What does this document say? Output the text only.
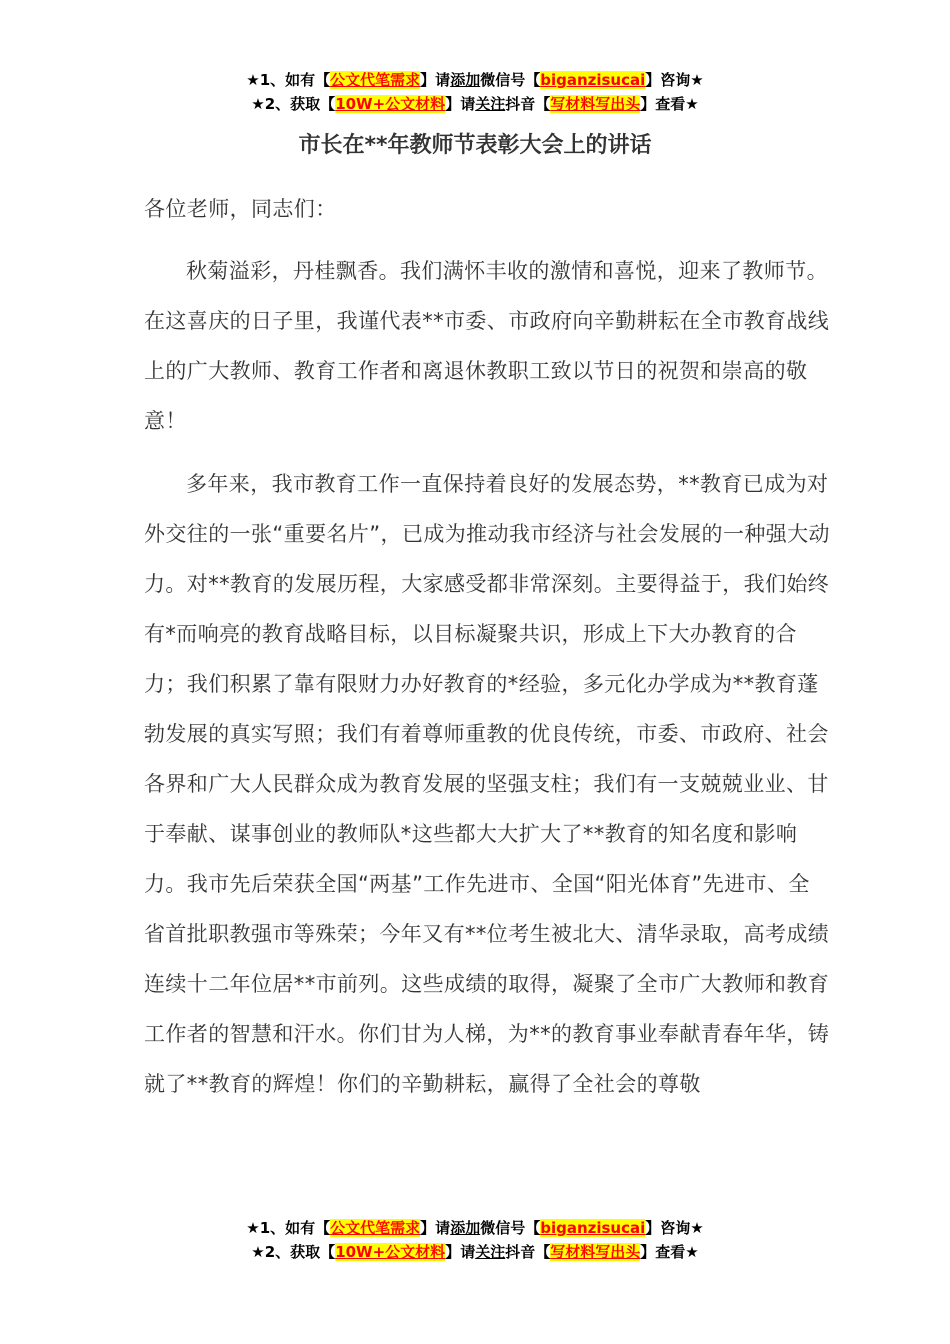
★1、如有【公文代笔需求】请添加微信号【biganzisucai】咨询★
★2、获取【10W+公文材料】请关注抖音【写材料写出头】查看★
市长在**年教师节表彰大会上的讲话
各位老师，同志们：
秋菊溢彩，丹桂飘香。我们满怀丰收的激情和喜悦，迎来了教师节。在这喜庆的日子里，我谨代表**市委、市政府向辛勤耕耘在全市教育战线上的广大教师、教育工作者和离退休教职工致以节日的祝贺和崇高的敬意！
多年来，我市教育工作一直保持着良好的发展态势，**教育已成为对外交往的一张“重要名片”，已成为推动我市经济与社会发展的一种强大动力。对**教育的发展历程，大家感受都非常深刻。主要得益于，我们始终有*而响亮的教育战略目标，以目标凝聚共识，形成上下大办教育的合力；我们积累了靠有限财力办好教育的*经验，多元化办学成为**教育蓬勃发展的真实写照；我们有着尊师重教的优良传统，市委、市政府、社会各界和广大人民群众成为教育发展的坚强支柱；我们有一支兢兢业业、甘于奉献、谋事创业的教师队*这些都大大扩大了**教育的知名度和影响力。我市先后荣获全国“两基”工作先进市、全国“阳光体育”先进市、全省首批职教强市等殊荣；今年又有**位考生被北大、清华录取，高考成绩连续十二年位居**市前列。这些成绩的取得，凝聚了全市广大教师和教育工作者的智慧和汗水。你们甘为人梯，为**的教育事业奉献青春年华，铸就了**教育的辉煌！你们的辛勤耕耘，赢得了全社会的尊敬
★1、如有【公文代笔需求】请添加微信号【biganzisucai】咨询★
★2、获取【10W+公文材料】请关注抖音【写材料写出头】查看★
